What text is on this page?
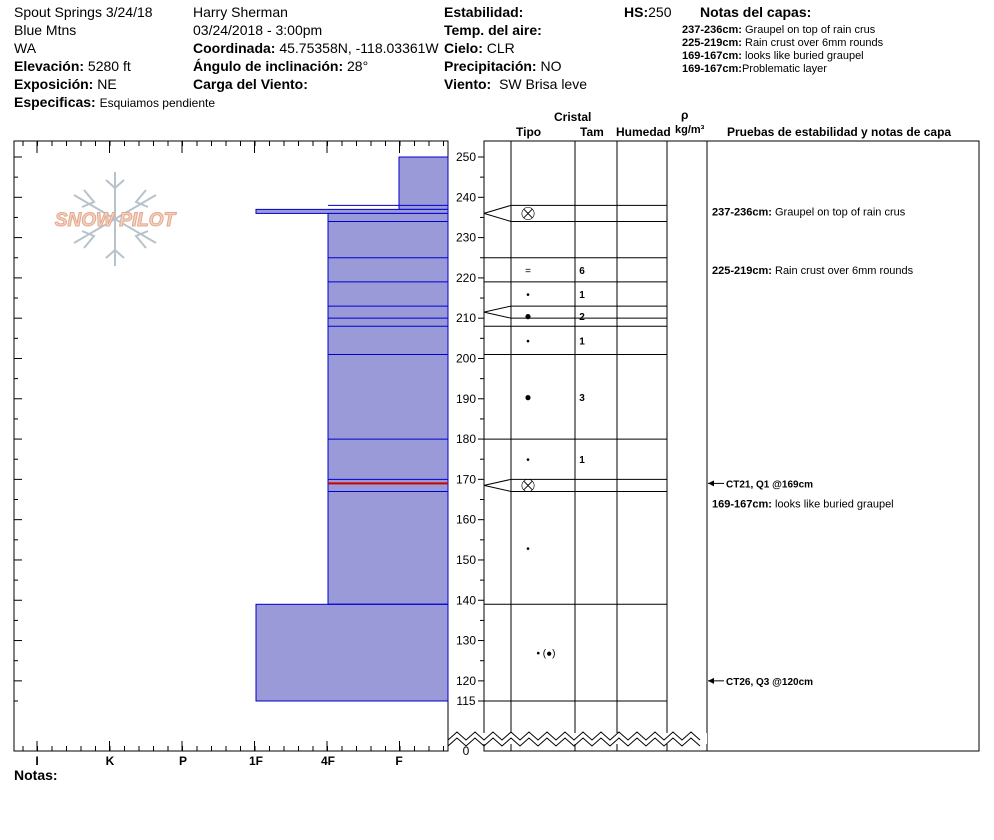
Spout Springs 3/24/18
Blue Mtns
WA
Elevación: 5280 ft
Exposición: NE
Especificas: Esquiamos pendiente
Harry Sherman
03/24/2018 - 3:00pm
Coordinada: 45.75358N, -118.03361W
Ángulo de inclinación: 28°
Carga del Viento:
Estabilidad:
Temp. del aire:
Cielo: CLR
Precipitación: NO
Viento: SW Brisa leve
HS:250 Notas del capas:
237-236cm: Graupel on top of rain crus
225-219cm: Rain crust over 6mm rounds
169-167cm: looks like buried graupel
169-167cm:Problematic layer
Cristal
Tipo	Tam Humedad
ρ
kg/m³ Pruebas de estabilidad y notas de capa
SNOW PILOT
I	K	P	1F	4F	F
250
240
230
220
210
200
190
180
170
160
150
140
130
120
115
0
⛒
=	6
•	1
●	2
•	1
●	3
•	1
⛒
•
• (●)
237-236cm: Graupel on top of rain crus
225-219cm: Rain crust over 6mm rounds
169-167cm: looks like buried graupel
CT21, Q1 @169cm
CT26, Q3 @120cm
Notas:
